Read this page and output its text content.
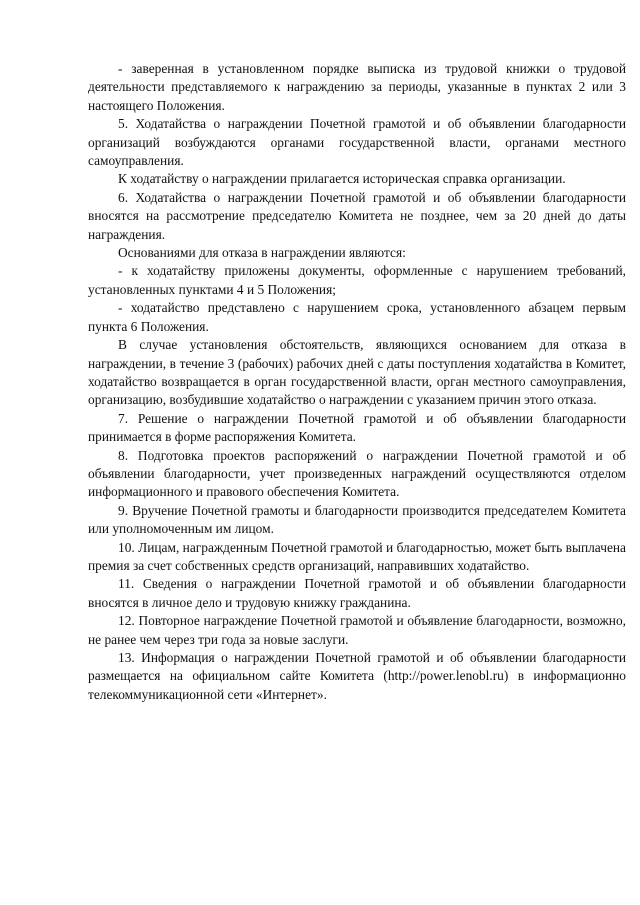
- заверенная в установленном порядке выписка из трудовой книжки о трудовой деятельности представляемого к награждению за периоды, указанные в пунктах 2 или 3 настоящего Положения.

5. Ходатайства о награждении Почетной грамотой и об объявлении благодарности организаций возбуждаются органами государственной власти, органами местного самоуправления.

К ходатайству о награждении прилагается историческая справка организации.

6. Ходатайства о награждении Почетной грамотой и об объявлении благодарности вносятся на рассмотрение председателю Комитета не позднее, чем за 20 дней до даты награждения.

Основаниями для отказа в награждении являются:

- к ходатайству приложены документы, оформленные с нарушением требований, установленных пунктами 4 и 5 Положения;

- ходатайство представлено с нарушением срока, установленного абзацем первым пункта 6 Положения.

В случае установления обстоятельств, являющихся основанием для отказа в награждении, в течение 3 (рабочих) рабочих дней с даты поступления ходатайства в Комитет, ходатайство возвращается в орган государственной власти, орган местного самоуправления, организацию, возбудившие ходатайство о награждении с указанием причин этого отказа.

7. Решение о награждении Почетной грамотой и об объявлении благодарности принимается в форме распоряжения Комитета.

8. Подготовка проектов распоряжений о награждении Почетной грамотой и об объявлении благодарности, учет произведенных награждений осуществляются отделом информационного и правового обеспечения Комитета.

9. Вручение Почетной грамоты и благодарности производится председателем Комитета или уполномоченным им лицом.

10. Лицам, награжденным Почетной грамотой и благодарностью, может быть выплачена премия за счет собственных средств организаций, направивших ходатайство.

11. Сведения о награждении Почетной грамотой и об объявлении благодарности вносятся в личное дело и трудовую книжку гражданина.

12. Повторное награждение Почетной грамотой и объявление благодарности, возможно, не ранее чем через три года за новые заслуги.

13. Информация о награждении Почетной грамотой и об объявлении благодарности размещается на официальном сайте Комитета (http://power.lenobl.ru) в информационно телекоммуникационной сети «Интернет».
